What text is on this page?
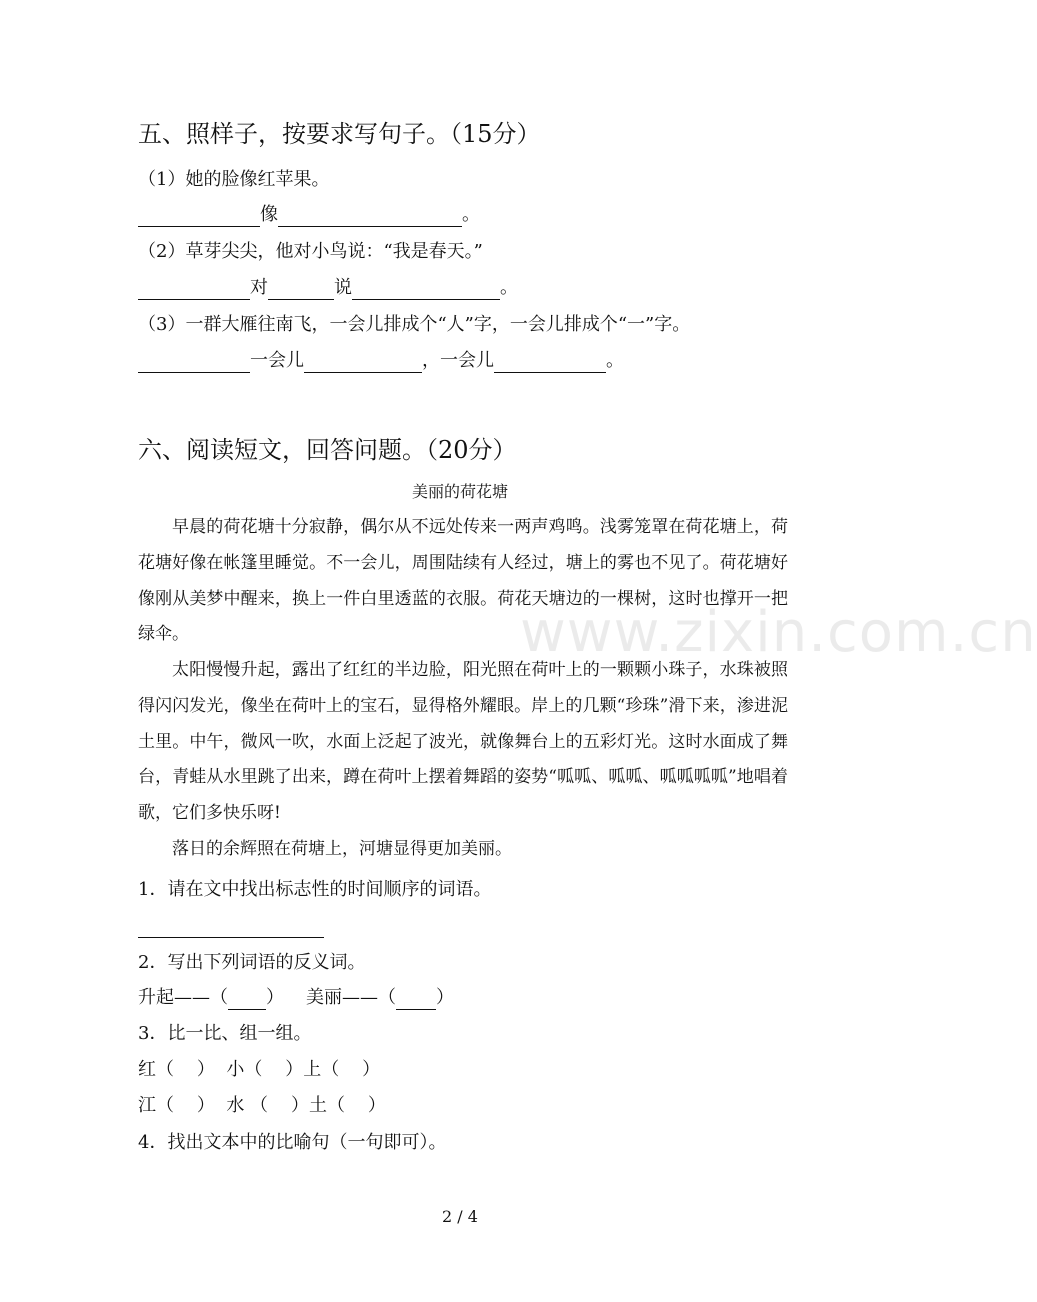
www.zixin.com.cn
五、照样子，按要求写句子。（15分）
（1）她的脸像红苹果。
像	。
（2）草芽尖尖，他对小鸟说：“我是春天。”
对	说	。
（3）一群大雁往南飞，一会儿排成个“人”字，一会儿排成个“一”字。
一会儿	，一会儿	。
六、阅读短文，回答问题。（20分）
美丽的荷花塘
早晨的荷花塘十分寂静，偶尔从不远处传来一两声鸡鸣。浅雾笼罩在荷花塘上，荷花塘好像在帐篷里睡觉。不一会儿，周围陆续有人经过，塘上的雾也不见了。荷花塘好像刚从美梦中醒来，换上一件白里透蓝的衣服。荷花天塘边的一棵树，这时也撑开一把绿伞。
太阳慢慢升起，露出了红红的半边脸，阳光照在荷叶上的一颗颗小珠子，水珠被照得闪闪发光，像坐在荷叶上的宝石，显得格外耀眼。岸上的几颗“珍珠”滑下来，渗进泥土里。中午，微风一吹，水面上泛起了波光，就像舞台上的五彩灯光。这时水面成了舞台，青蛙从水里跳了出来，蹲在荷叶上摆着舞蹈的姿势“呱呱、呱呱、呱呱呱呱”地唱着歌，它们多快乐呀!
落日的余辉照在荷塘上，河塘显得更加美丽。
1．请在文中找出标志性的时间顺序的词语。
2．写出下列词语的反义词。
升起——（ ） 美丽——（ ）
3．比一比、组一组。
红（    ）  小（    ）上（    ）
江（    ）  水 （    ）土（    ）
4．找出文本中的比喻句（一句即可）。
2 / 4
